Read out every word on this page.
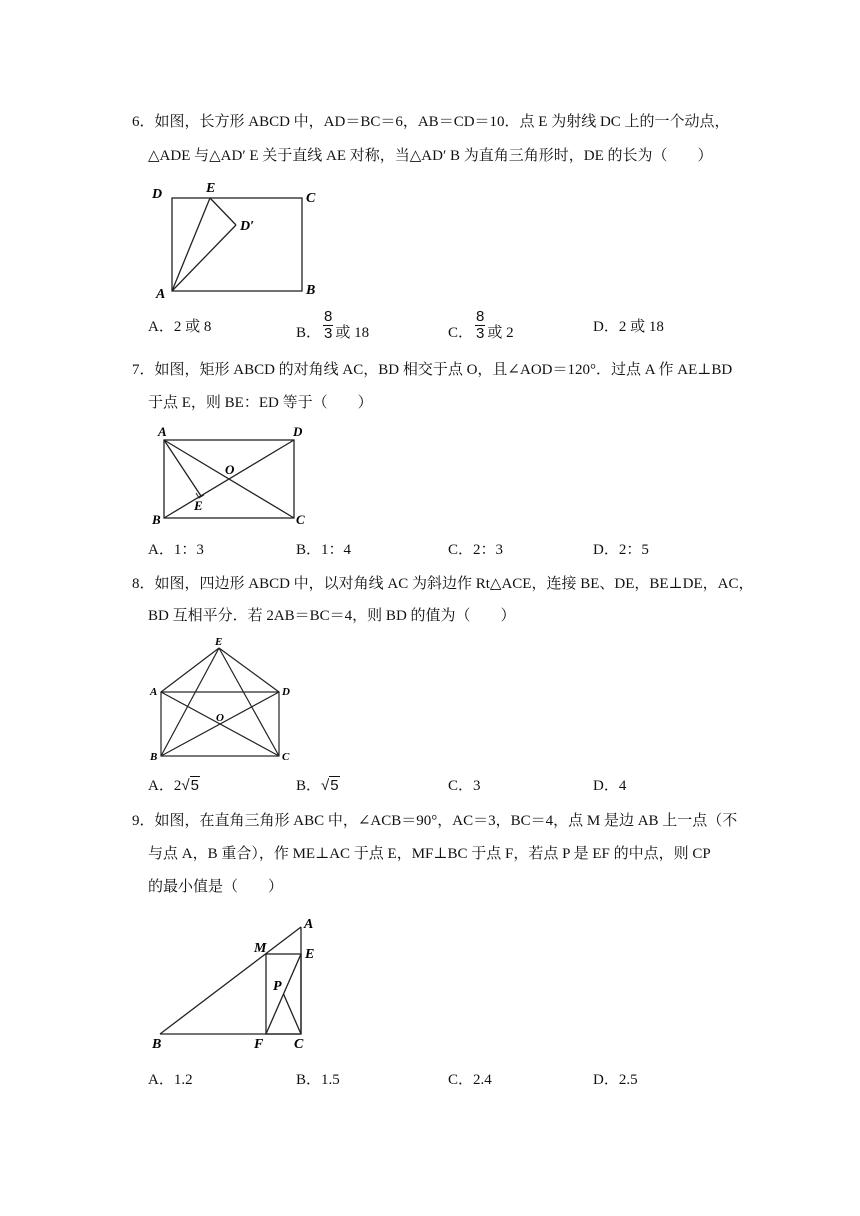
6．如图，长方形 ABCD 中，AD＝BC＝6，AB＝CD＝10．点 E 为射线 DC 上的一个动点，
△ADE 与△AD′ E 关于直线 AE 对称，当△AD′ B 为直角三角形时，DE 的长为（　　）
D	E
C
D′
A	B
A．2 或 8	B． $\frac{8}{3}$ 或 18	C． $\frac{8}{3}$ 或 2	D．2 或 18
7．如图，矩形 ABCD 的对角线 AC，BD 相交于点 O，且∠AOD＝120°．过点 A 作 AE⊥BD
于点 E，则 BE：ED 等于（　　）
A	D
O
E
B	C
A．1：3	B．1：4	C．2：3	D．2：5
8．如图，四边形 ABCD 中，以对角线 AC 为斜边作 Rt△ACE，连接 BE、DE，BE⊥DE，AC，
BD 互相平分．若 2AB＝BC＝4，则 BD 的值为（　　）
E
A	D
O
B	C
A．2√5	B．√5	C．3	D．4
9．如图，在直角三角形 ABC 中，∠ACB＝90°，AC＝3，BC＝4，点 M 是边 AB 上一点（不
与点 A，B 重合），作 ME⊥AC 于点 E，MF⊥BC 于点 F，若点 P 是 EF 的中点，则 CP
的最小值是（　　）
A
M	E
P
B	F C
A．1.2	B．1.5	C．2.4	D．2.5
